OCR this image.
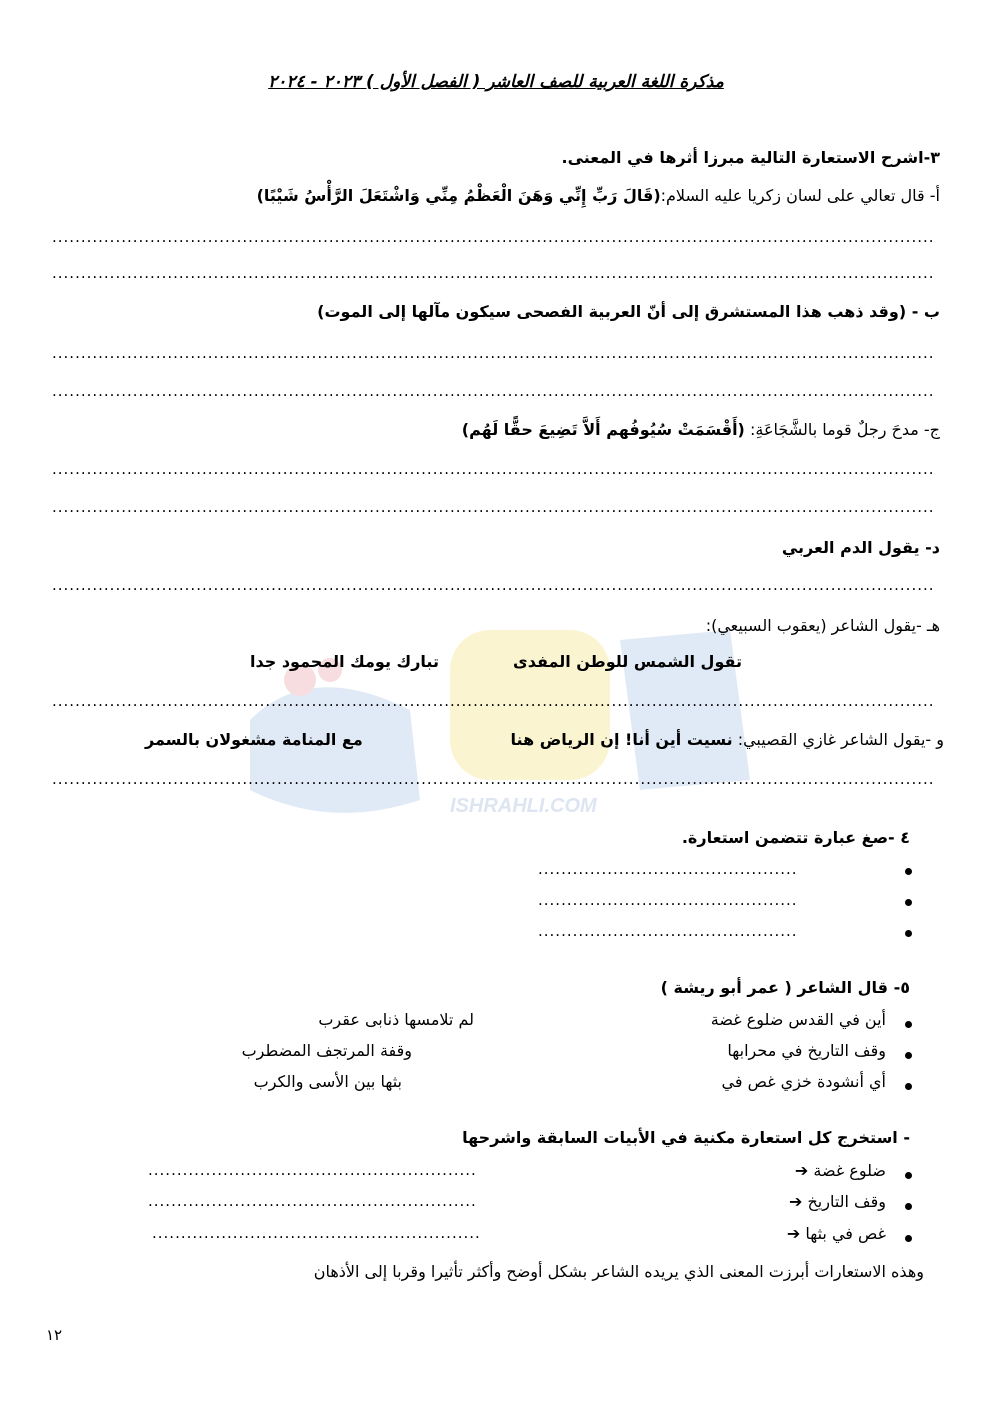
ISHRAHLI.COM
مذكرة اللغة العربية للصف العاشر ( الفصل الأول ) ٢٠٢٣ - ٢٠٢٤
٣-اشرح الاستعارة التالية مبرزا أثرها في المعنى.
أ- قال تعالي على لسان زكريا عليه السلام:(قَالَ رَبِّ إِنِّي وَهَنَ الْعَظْمُ مِنِّي وَاشْتَعَلَ الرَّأْسُ شَيْبًا)
.........................................................................................................................................................
.........................................................................................................................................................
ب - (وقد ذهب هذا المستشرق إلى أنّ العربية الفصحى سيكون مآلها إلى الموت)
.........................................................................................................................................................
.........................................................................................................................................................
ج- مدحَ رجلٌ قوما بالشَّجَاعَةِ: (أَقْسَمَتْ سُيُوفُهم أَلاَّ تَضِيعَ حقًّا لَهُم)
.........................................................................................................................................................
.........................................................................................................................................................
د- يقول الدم العربي
.........................................................................................................................................................
هـ -يقول الشاعر (يعقوب السبيعي):
تقول الشمس للوطن المفدى
تبارك يومك المحمود جدا
.........................................................................................................................................................
و -يقول الشاعر غازي القصيبي: نسيت أين أنا! إن الرياض هنا
مع المنامة مشغولان بالسمر
.........................................................................................................................................................
٤ -صغ عبارة تتضمن استعارة.
.............................................
.............................................
.............................................
٥- قال الشاعر ( عمر أبو ريشة )
أين في القدس ضلوع غضة
لم تلامسها ذنابى عقرب
وقف التاريخ في محرابها
وقفة المرتجف المضطرب
أي أنشودة خزي غص في
بثها بين الأسى والكرب
- استخرج كل استعارة مكنية في الأبيات السابقة واشرحها
ضلوع غضة ➔
.........................................................
وقف التاريخ ➔
.........................................................
غص في بثها ➔
.........................................................
وهذه الاستعارات أبرزت المعنى الذي يريده الشاعر بشكل أوضح وأكثر تأثيرا وقربا إلى الأذهان
١٢
